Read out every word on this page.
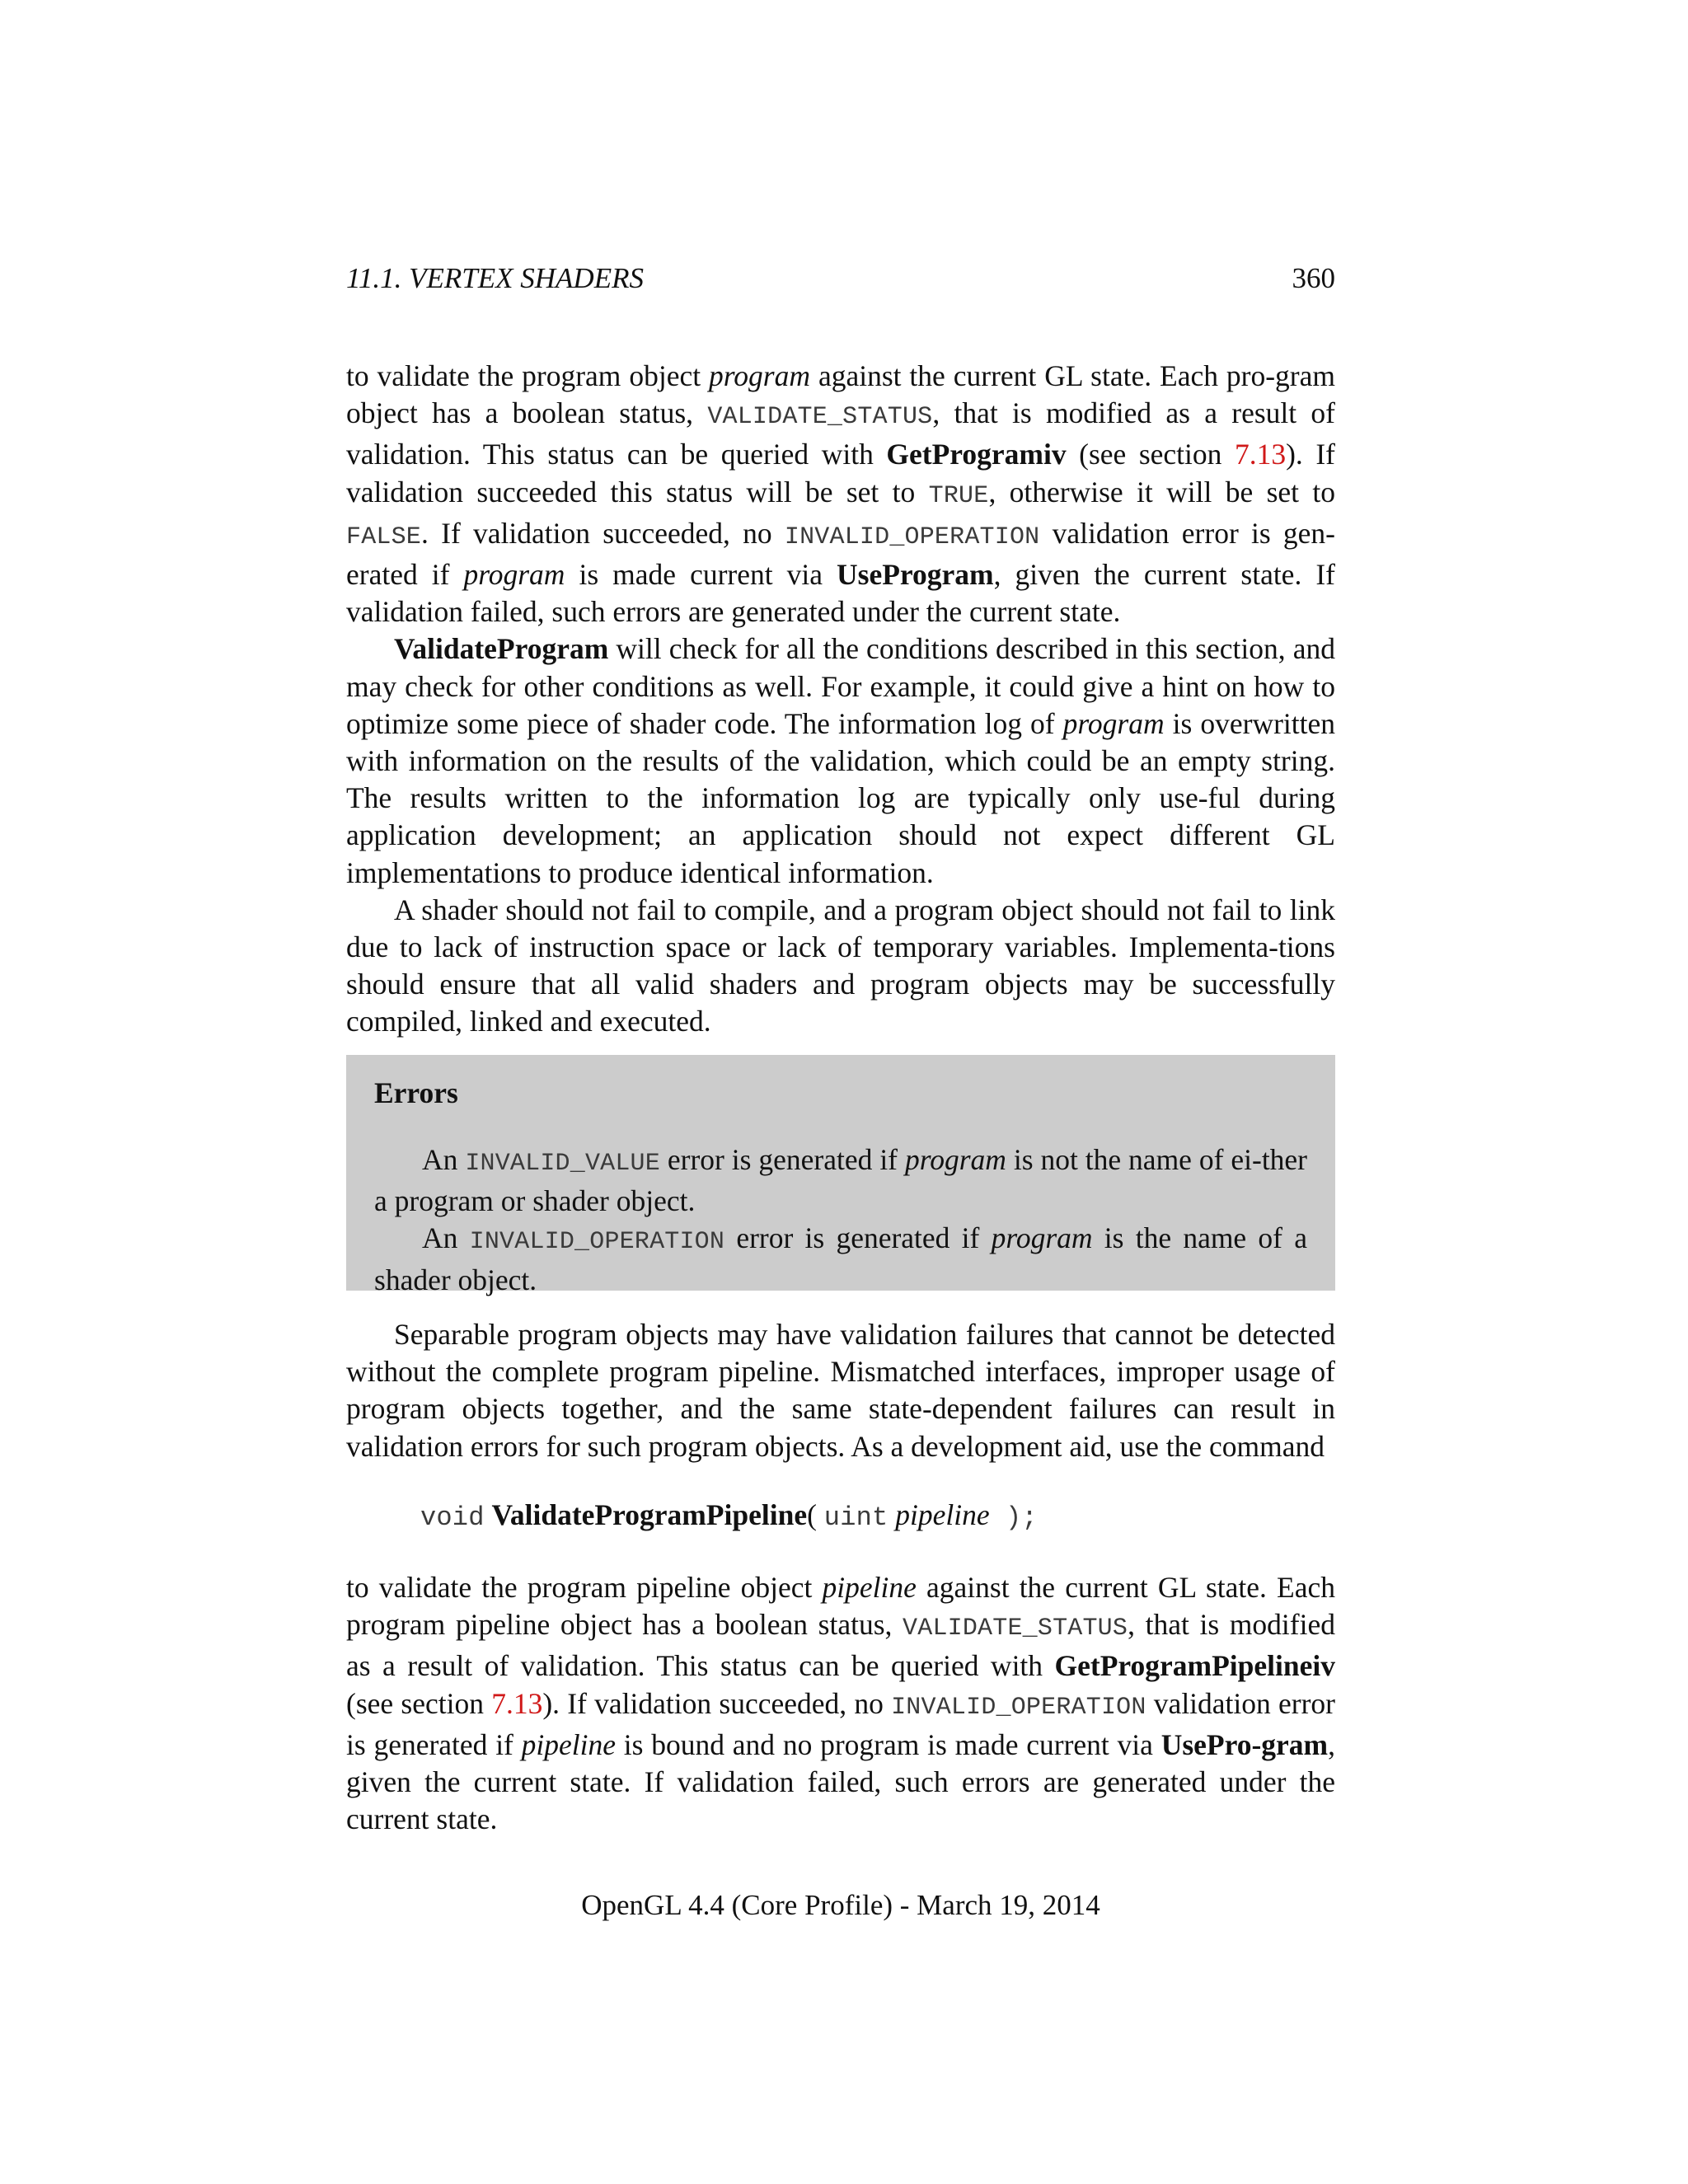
11.1. VERTEX SHADERS	360

to validate the program object program against the current GL state. Each pro-gram object has a boolean status, VALIDATE_STATUS, that is modified as a result of validation. This status can be queried with GetProgramiv (see section 7.13). If validation succeeded this status will be set to TRUE, otherwise it will be set to FALSE. If validation succeeded, no INVALID_OPERATION validation error is gen-erated if program is made current via UseProgram, given the current state. If validation failed, such errors are generated under the current state.

ValidateProgram will check for all the conditions described in this section, and may check for other conditions as well. For example, it could give a hint on how to optimize some piece of shader code. The information log of program is overwritten with information on the results of the validation, which could be an empty string. The results written to the information log are typically only use-ful during application development; an application should not expect different GL implementations to produce identical information.

A shader should not fail to compile, and a program object should not fail to link due to lack of instruction space or lack of temporary variables. Implementa-tions should ensure that all valid shaders and program objects may be successfully compiled, linked and executed.

Errors

An INVALID_VALUE error is generated if program is not the name of ei-ther a program or shader object.

An INVALID_OPERATION error is generated if program is the name of a shader object.

Separable program objects may have validation failures that cannot be detected without the complete program pipeline. Mismatched interfaces, improper usage of program objects together, and the same state-dependent failures can result in validation errors for such program objects. As a development aid, use the command

void ValidateProgramPipeline( uint pipeline );

to validate the program pipeline object pipeline against the current GL state. Each program pipeline object has a boolean status, VALIDATE_STATUS, that is modified as a result of validation. This status can be queried with GetProgramPipelineiv (see section 7.13). If validation succeeded, no INVALID_OPERATION validation error is generated if pipeline is bound and no program is made current via UsePro-gram, given the current state. If validation failed, such errors are generated under the current state.

OpenGL 4.4 (Core Profile) - March 19, 2014
